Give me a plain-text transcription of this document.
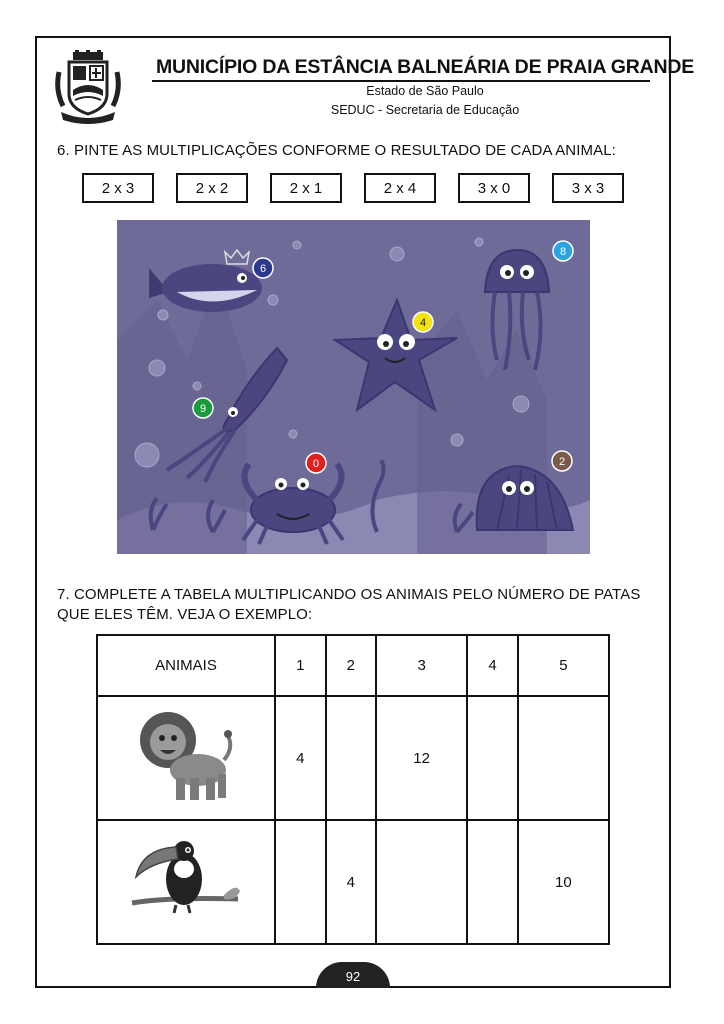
MUNICÍPIO DA ESTÂNCIA BALNEÁRIA DE PRAIA GRANDE
Estado de São Paulo
SEDUC - Secretaria de Educação
6. PINTE AS MULTIPLICAÇÕES CONFORME O RESULTADO DE CADA ANIMAL:
2 x 3	2 x 2	2 x 1	2 x 4	3 x 0	3 x 3
6
4
8
9
0	2
7. COMPLETE A TABELA MULTIPLICANDO OS ANIMAIS PELO NÚMERO DE PATAS
QUE ELES TÊM. VEJA O EXEMPLO:
ANIMAIS	1	2	3	4	5
	4		12		
		4			10
92
